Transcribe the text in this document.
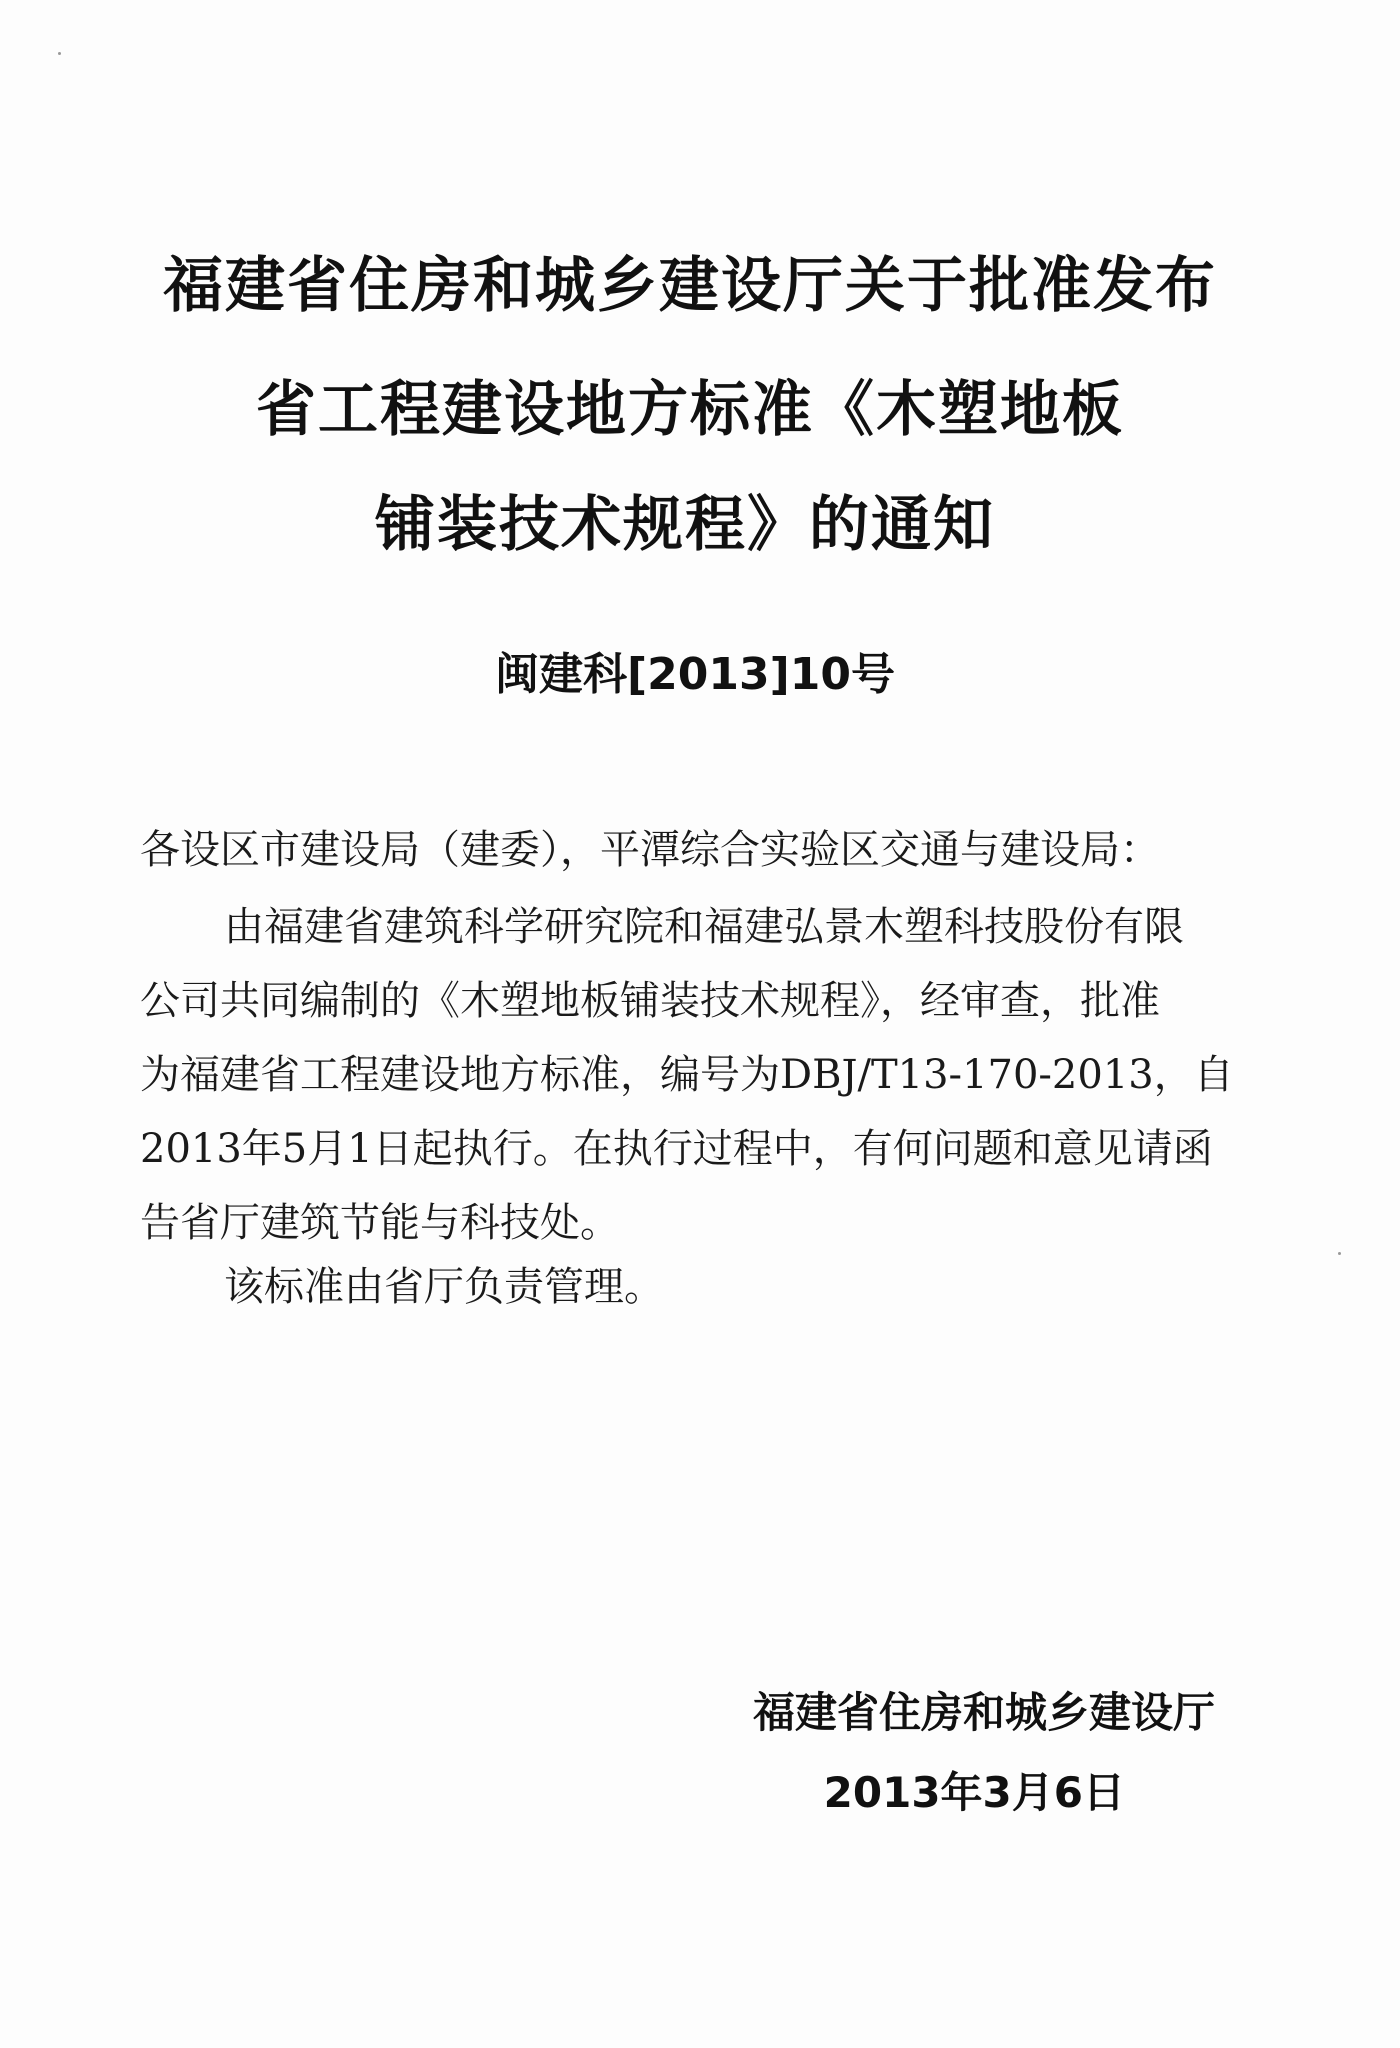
福建省住房和城乡建设厅关于批准发布
省工程建设地方标准《木塑地板
铺装技术规程》的通知
闽建科[2013]10号
各设区市建设局（建委），平潭综合实验区交通与建设局：
由福建省建筑科学研究院和福建弘景木塑科技股份有限
公司共同编制的《木塑地板铺装技术规程》，经审查，批准
为福建省工程建设地方标准，编号为DBJ/T13-170-2013，自
2013年5月1日起执行。在执行过程中，有何问题和意见请函
告省厅建筑节能与科技处。
该标准由省厅负责管理。
福建省住房和城乡建设厅
2013年3月6日
